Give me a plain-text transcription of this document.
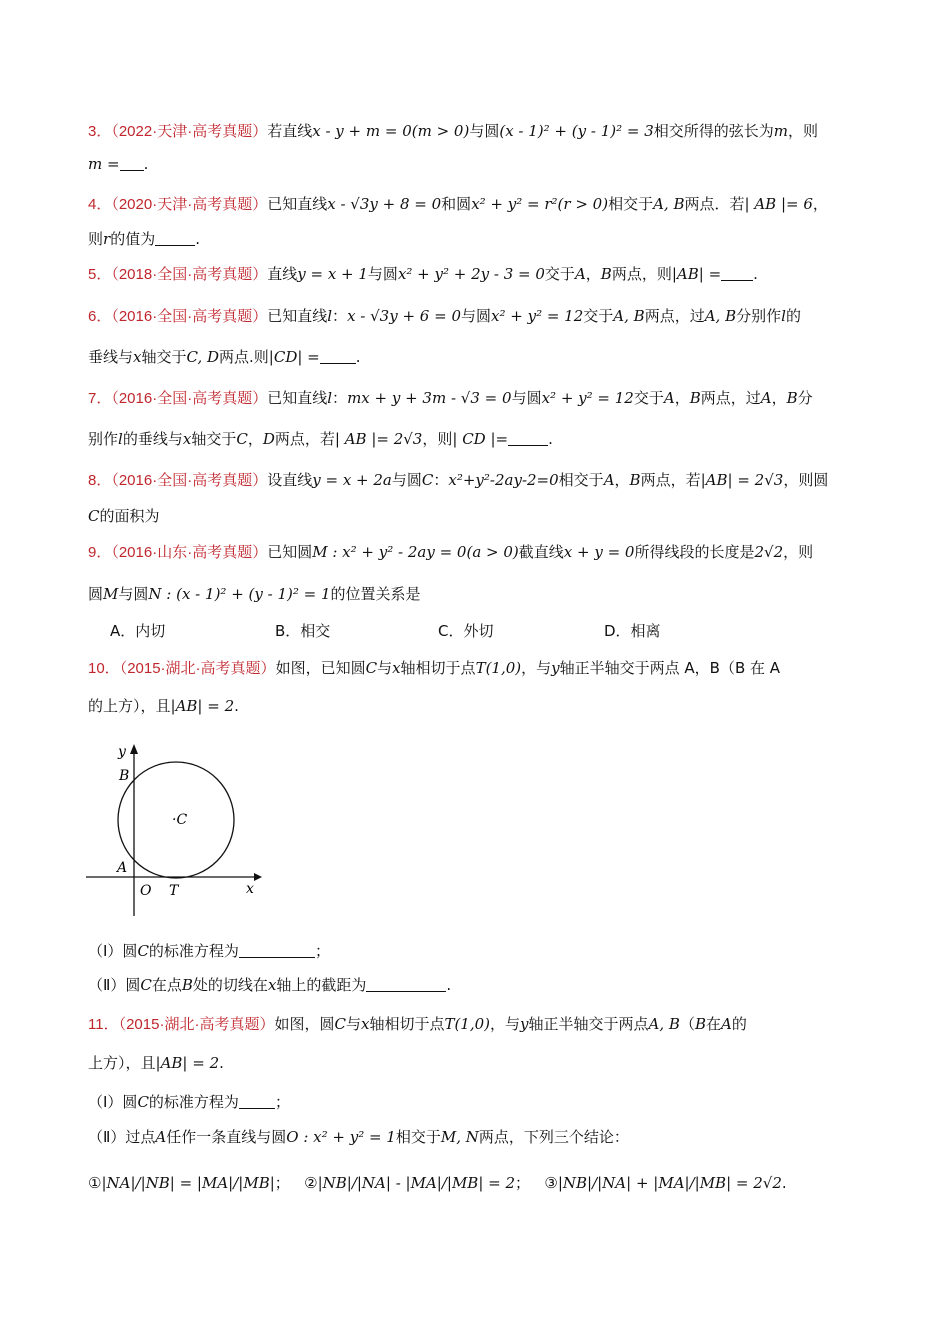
3．（2022·天津·高考真题）若直线x - y + m = 0(m > 0)与圆(x - 1)² + (y - 1)² = 3相交所得的弦长为m，则
m = .
4．（2020·天津·高考真题）已知直线x - √3y + 8 = 0和圆x² + y² = r²(r > 0)相交于A, B两点．若| AB |= 6，
则r的值为	.
5．（2018·全国·高考真题）直线y = x + 1与圆x² + y² + 2y - 3 = 0交于A，B两点，则|AB| = .
6．（2016·全国·高考真题）已知直线l：x - √3y + 6 = 0与圆x² + y² = 12交于A, B两点，过A, B分别作l的
垂线与x轴交于C, D两点.则|CD| = .
7．（2016·全国·高考真题）已知直线l：mx + y + 3m - √3 = 0与圆x² + y² = 12交于A，B两点，过A，B分
别作l的垂线与x轴交于C，D两点，若| AB |= 2√3，则| CD |=	.
8．（2016·全国·高考真题）设直线y = x + 2a与圆C：x²+y²-2ay-2=0相交于A，B两点，若|AB| = 2√3，则圆
C的面积为
9．（2016·山东·高考真题）已知圆M : x² + y² - 2ay = 0(a > 0)截直线x + y = 0所得线段的长度是2√2，则
圆M与圆N : (x - 1)² + (y - 1)² = 1的位置关系是
A．内切	B．相交	C．外切	D．相离
10．（2015·湖北·高考真题）如图，已知圆C与x轴相切于点T(1,0)，与y轴正半轴交于两点 A，B（B 在 A
的上方），且|AB| = 2.
y
x
B
·C
A
O T
（Ⅰ）圆C的标准方程为	；
（Ⅱ）圆C在点B处的切线在x轴上的截距为	.
11．（2015·湖北·高考真题）如图，圆C与x轴相切于点T(1,0)，与y轴正半轴交于两点A, B（B在A的
上方），且|AB| = 2.
（Ⅰ）圆C的标准方程为 ；
（Ⅱ）过点A任作一条直线与圆O : x² + y² = 1相交于M, N两点，下列三个结论：
①|NA|/|NB| = |MA|/|MB|； ②|NB|/|NA| - |MA|/|MB| = 2； ③|NB|/|NA| + |MA|/|MB| = 2√2.
